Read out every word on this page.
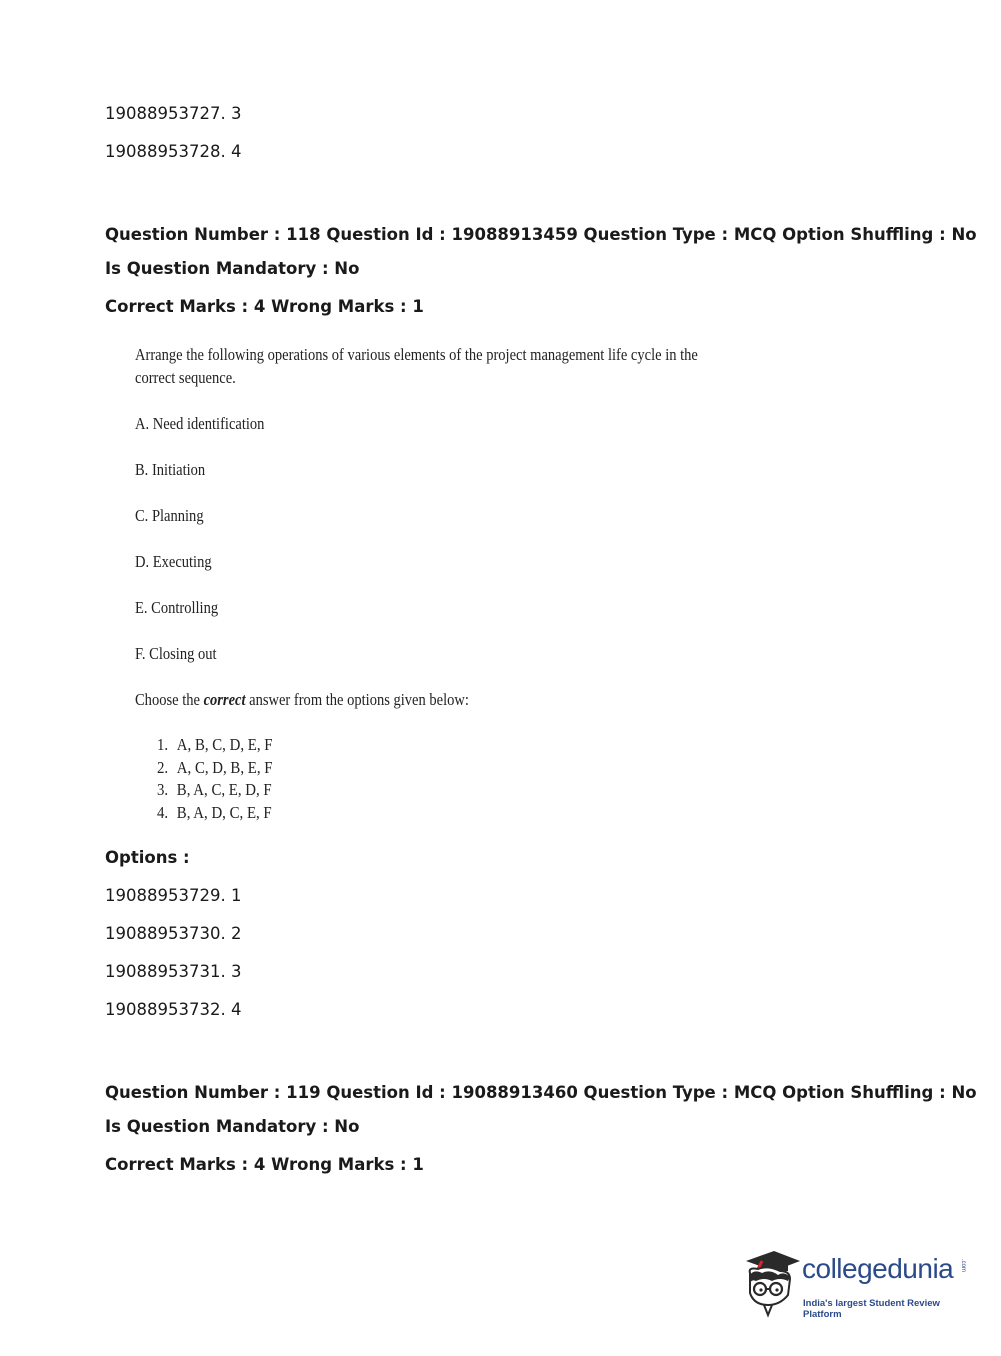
19088953727. 3
19088953728. 4
Question Number : 118 Question Id : 19088913459 Question Type : MCQ Option Shuffling : No
Is Question Mandatory : No
Correct Marks : 4 Wrong Marks : 1
Arrange the following operations of various elements of the project management life cycle in the
correct sequence.
A. Need identification
B. Initiation
C. Planning
D. Executing
E. Controlling
F. Closing out
Choose the correct answer from the options given below:
1. A, B, C, D, E, F
2. A, C, D, B, E, F
3. B, A, C, E, D, F
4. B, A, D, C, E, F
Options :
19088953729. 1
19088953730. 2
19088953731. 3
19088953732. 4
Question Number : 119 Question Id : 19088913460 Question Type : MCQ Option Shuffling : No
Is Question Mandatory : No
Correct Marks : 4 Wrong Marks : 1
collegedunia .com
India's largest Student Review Platform
